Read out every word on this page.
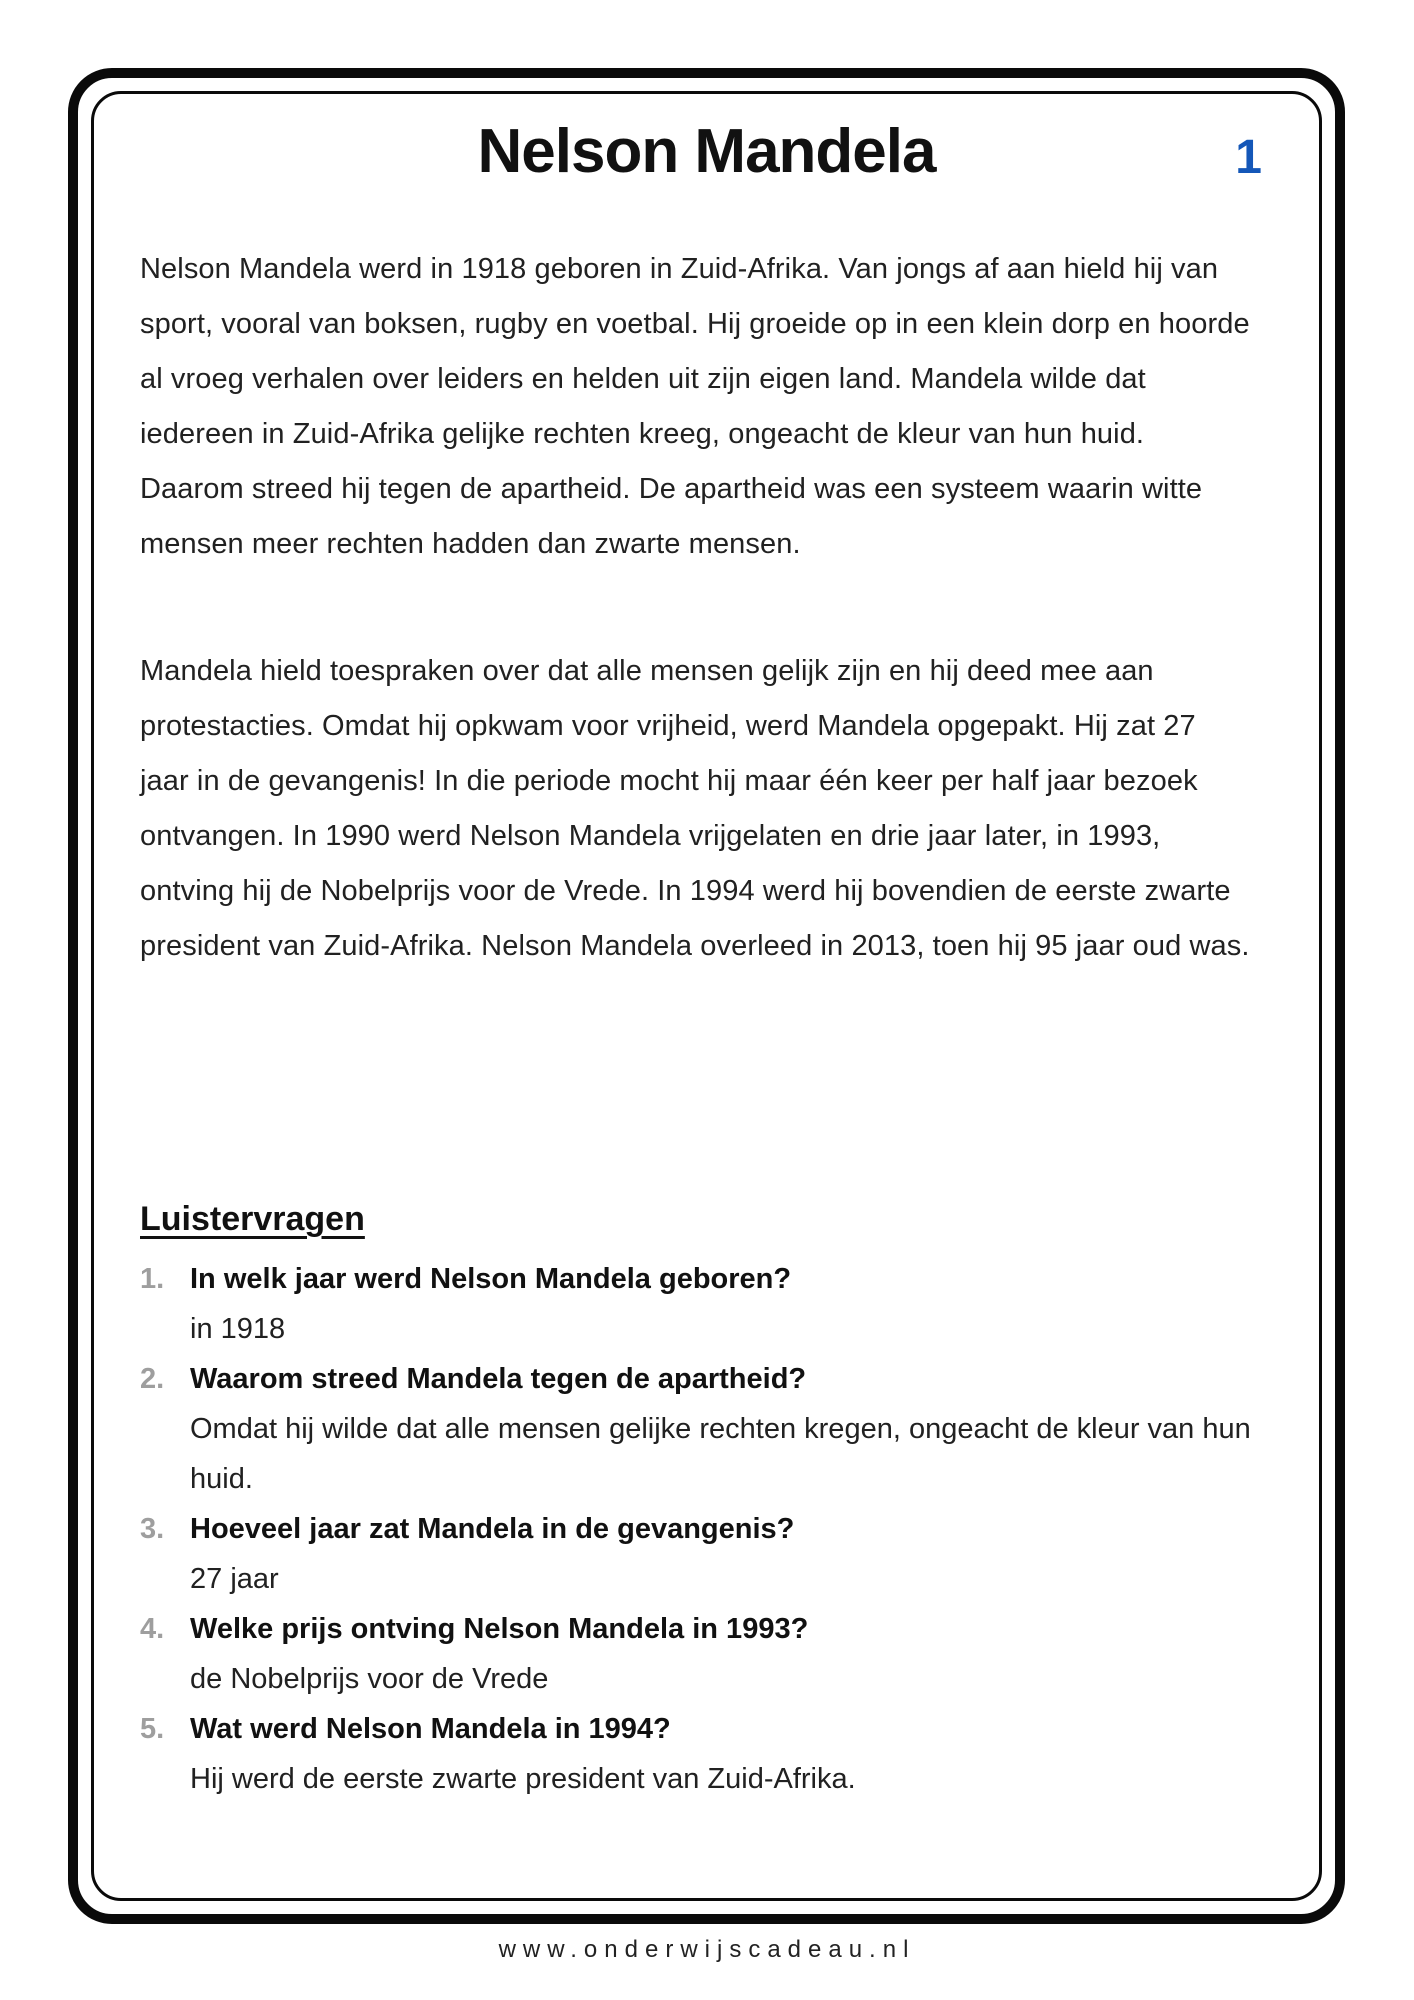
1
Nelson Mandela

Nelson Mandela werd in 1918 geboren in Zuid-Afrika. Van jongs af aan hield hij van sport, vooral van boksen, rugby en voetbal. Hij groeide op in een klein dorp en hoorde al vroeg verhalen over leiders en helden uit zijn eigen land. Mandela wilde dat iedereen in Zuid-Afrika gelijke rechten kreeg, ongeacht de kleur van hun huid. Daarom streed hij tegen de apartheid. De apartheid was een systeem waarin witte mensen meer rechten hadden dan zwarte mensen.

Mandela hield toespraken over dat alle mensen gelijk zijn en hij deed mee aan protestacties. Omdat hij opkwam voor vrijheid, werd Mandela opgepakt. Hij zat 27 jaar in de gevangenis! In die periode mocht hij maar één keer per half jaar bezoek ontvangen. In 1990 werd Nelson Mandela vrijgelaten en drie jaar later, in 1993, ontving hij de Nobelprijs voor de Vrede. In 1994 werd hij bovendien de eerste zwarte president van Zuid-Afrika. Nelson Mandela overleed in 2013, toen hij 95 jaar oud was.

Luistervragen
1. In welk jaar werd Nelson Mandela geboren?
in 1918
2. Waarom streed Mandela tegen de apartheid?
Omdat hij wilde dat alle mensen gelijke rechten kregen, ongeacht de kleur van hun huid.
3. Hoeveel jaar zat Mandela in de gevangenis?
27 jaar
4. Welke prijs ontving Nelson Mandela in 1993?
de Nobelprijs voor de Vrede
5. Wat werd Nelson Mandela in 1994?
Hij werd de eerste zwarte president van Zuid-Afrika.
www.onderwijscadeau.nl
